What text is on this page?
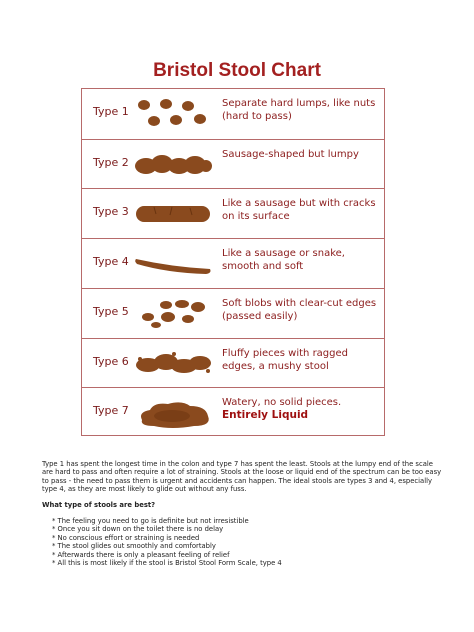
Bristol Stool Chart
Type 1
Separate hard lumps, like nuts (hard to pass)
Type 2
Sausage-shaped but lumpy
Type 3
Like a sausage but with cracks on its surface
Type 4
Like a sausage or snake, smooth and soft
Type 5
Soft blobs with clear-cut edges (passed easily)
Type 6
Fluffy pieces with ragged edges, a mushy stool
Type 7
Watery, no solid pieces.
Entirely Liquid
Type 1 has spent the longest time in the colon and type 7 has spent the least. Stools at the lumpy end of the scale are hard to pass and often require a lot of straining. Stools at the loose or liquid end of the spectrum can be too easy to pass - the need to pass them is urgent and accidents can happen. The ideal stools are types 3 and 4, especially type 4, as they are most likely to glide out without any fuss.
What type of stools are best?
* The feeling you need to go is definite but not irresistible
* Once you sit down on the toilet there is no delay
* No conscious effort or straining is needed
* The stool glides out smoothly and comfortably
* Afterwards there is only a pleasant feeling of relief
* All this is most likely if the stool is Bristol Stool Form Scale, type 4
